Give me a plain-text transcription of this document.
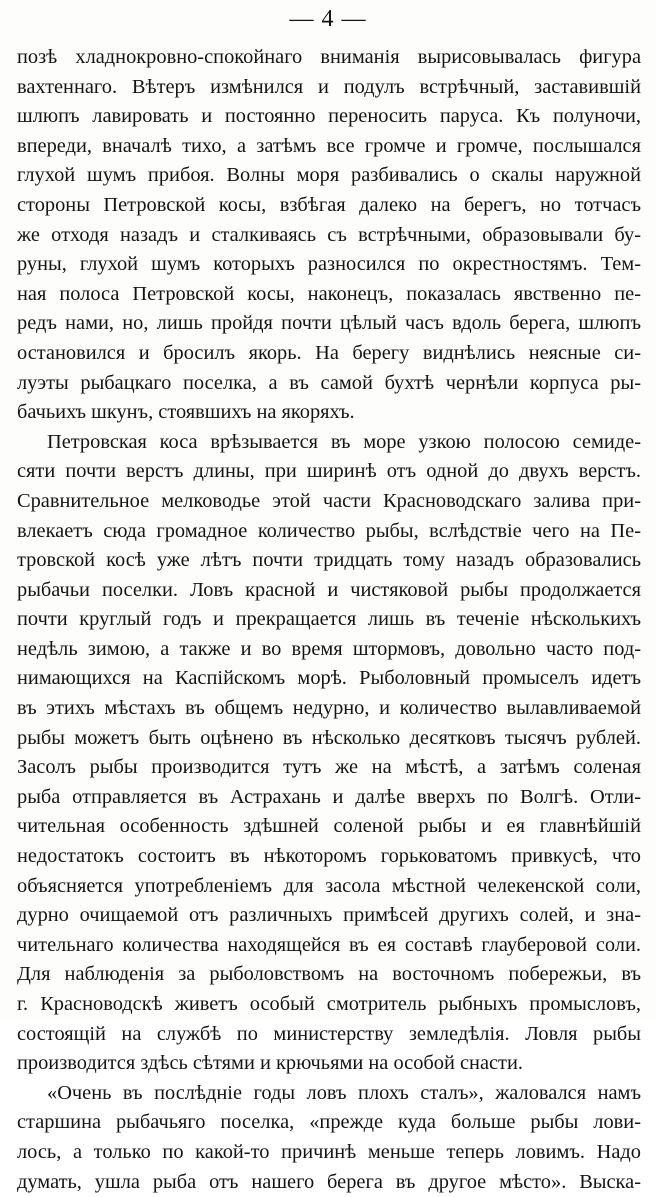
— 4 —
позѣ хладнокровно-спокойнаго вниманія вырисовывалась фигура
вахтеннаго. Вѣтеръ измѣнился и подулъ встрѣчный, заставившій
шлюпъ лавировать и постоянно переносить паруса. Къ полуночи,
впереди, вначалѣ тихо, а затѣмъ все громче и громче, послышался
глухой шумъ прибоя. Волны моря разбивались о скалы наружной
стороны Петровской косы, взбѣгая далеко на берегъ, но тотчасъ
же отходя назадъ и сталкиваясь съ встрѣчными, образовывали бу-
руны, глухой шумъ которыхъ разносился по окрестностямъ. Тем-
ная полоса Петровской косы, наконецъ, показалась явственно пе-
редъ нами, но, лишь пройдя почти цѣлый часъ вдоль берега, шлюпъ
остановился и бросилъ якорь. На берегу виднѣлись неясные си-
луэты рыбацкаго поселка, а въ самой бухтѣ чернѣли корпуса ры-
бачьихъ шкунъ, стоявшихъ на якоряхъ.
Петровская коса врѣзывается въ море узкою полосою семидe-
сяти почти верстъ длины, при ширинѣ отъ одной до двухъ верстъ.
Сравнительное мелководье этой части Красноводскаго залива при-
влекаетъ сюда громадное количество рыбы, вслѣдствіе чего на Пе-
тровской косѣ уже лѣтъ почти тридцать тому назадъ образовались
рыбачьи поселки. Ловъ красной и чистяковой рыбы продолжается
почти круглый годъ и прекращается лишь въ теченіе нѣсколькихъ
недѣль зимою, а также и во время штормовъ, довольно часто под-
нимающихся на Каспійскомъ морѣ. Рыболовный промыселъ идетъ
въ этихъ мѣстахъ въ общемъ недурно, и количество вылавливаемой
рыбы можетъ быть оцѣнено въ нѣсколько десятковъ тысячъ рублей.
Засолъ рыбы производится тутъ же на мѣстѣ, а затѣмъ соленая
рыба отправляется въ Астрахань и далѣе вверхъ по Волгѣ. Отли-
чительная особенность здѣшней соленой рыбы и ея главнѣйшій
недостатокъ состоитъ въ нѣкоторомъ горьковатомъ привкусѣ, что
объясняется употребленіемъ для засола мѣстной челекенской соли,
дурно очищаемой отъ различныхъ примѣсей другихъ солей, и зна-
чительнаго количества находящейся въ ея составѣ глауберовой соли.
Для наблюденія за рыболовствомъ на восточномъ побережьи, въ
г. Красноводскѣ живетъ особый смотритель рыбныхъ промысловъ,
состоящій на службѣ по министерству земледѣлія. Ловля рыбы
производится здѣсь сѣтями и крючьями на особой снасти.
«Очень въ послѣдніе годы ловъ плохъ сталъ», жаловался намъ
старшина рыбачьяго поселка, «прежде куда больше рыбы лови-
лось, а только по какой-то причинѣ меньше теперь ловимъ. Надо
думать, ушла рыба отъ нашего берега въ другое мѣсто». Выска-
